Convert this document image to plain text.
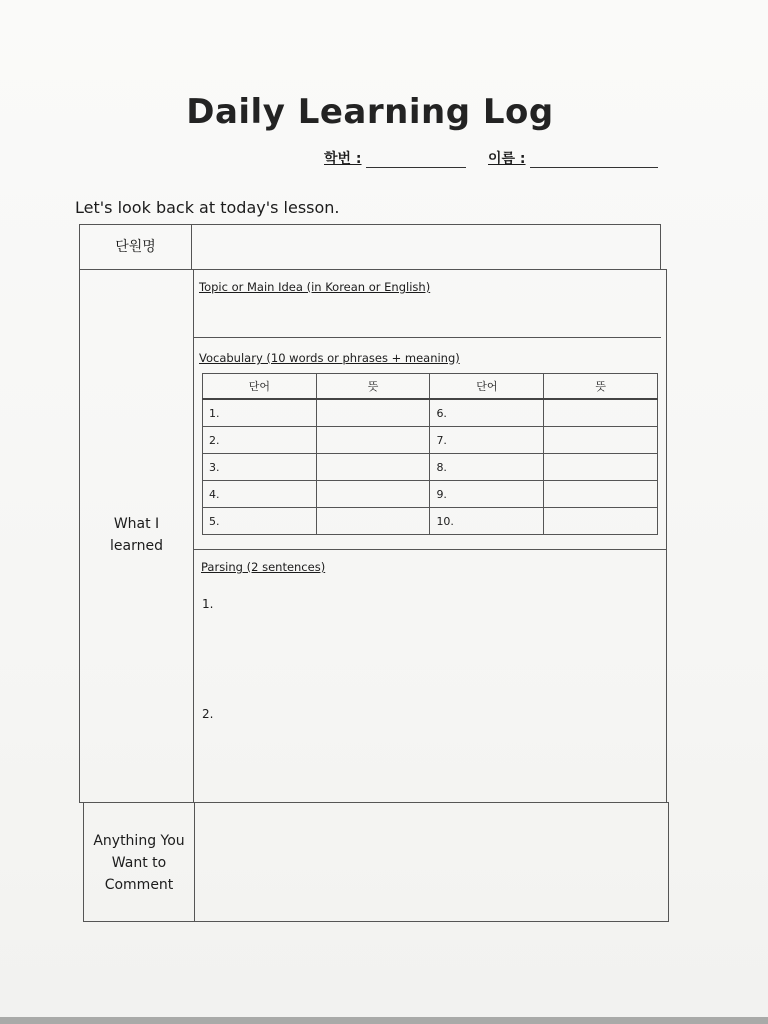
Daily Learning Log
학번 :	이름 :
Let's look back at today's lesson.
단원명
What I
learned
Topic or Main Idea (in Korean or English)
Vocabulary (10 words or phrases + meaning)
단어	뜻	단어	뜻
1.		6.	
2.		7.	
3.		8.	
4.		9.	
5.		10.	
Parsing (2 sentences)
1.
2.
Anything You
Want to
Comment
